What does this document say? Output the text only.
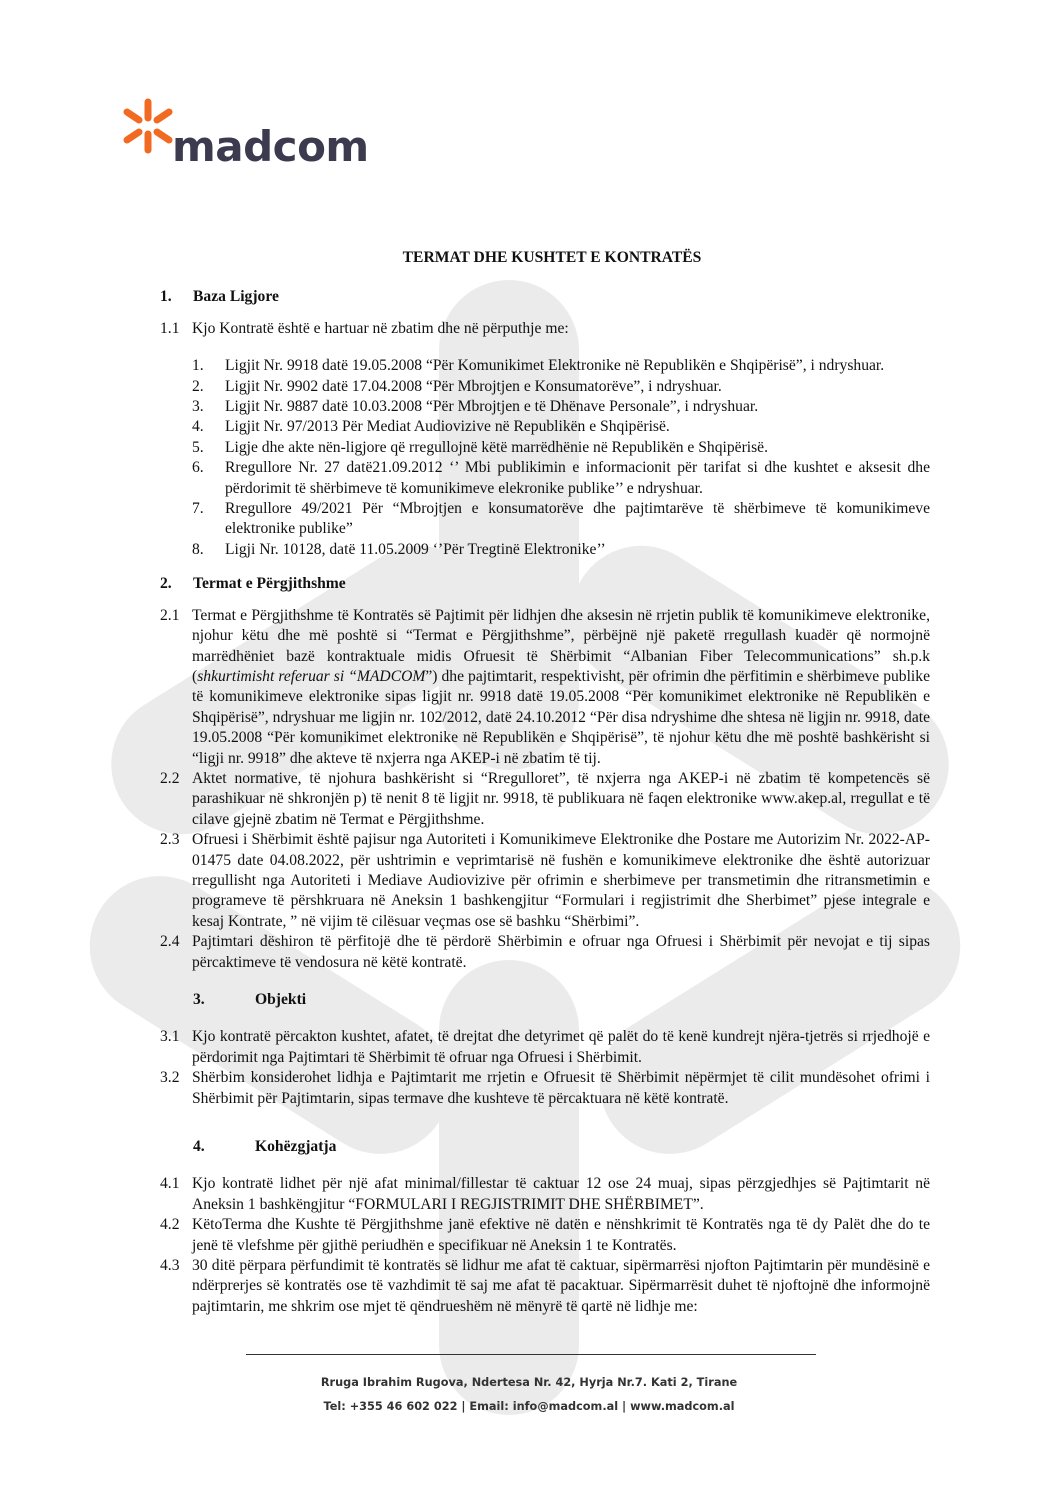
madcom
TERMAT DHE KUSHTET E KONTRATËS
1. Baza Ligjore
1.1 Kjo Kontratë është e hartuar në zbatim dhe në përputhje me:
1. Ligjit Nr. 9918 datë 19.05.2008 “Për Komunikimet Elektronike në Republikën e Shqipërisë”, i ndryshuar.
2. Ligjit Nr. 9902 datë 17.04.2008 “Për Mbrojtjen e Konsumatorëve”, i ndryshuar.
3. Ligjit Nr. 9887 datë 10.03.2008 “Për Mbrojtjen e të Dhënave Personale”, i ndryshuar.
4. Ligjit Nr. 97/2013 Për Mediat Audiovizive në Republikën e Shqipërisë.
5. Ligje dhe akte nën-ligjore që rregullojnë këtë marrëdhënie në Republikën e Shqipërisë.
6. Rregullore Nr. 27 datë21.09.2012 ‘’ Mbi publikimin e informacionit për tarifat si dhe kushtet e aksesit dhe përdorimit të shërbimeve të komunikimeve elekronike publike’’ e ndryshuar.
7. Rregullore 49/2021 Për “Mbrojtjen e konsumatorëve dhe pajtimtarëve të shërbimeve të komunikimeve elektronike publike”
8. Ligji Nr. 10128, datë 11.05.2009 ‘’Për Tregtinë Elektronike’’
2. Termat e Përgjithshme
2.1 Termat e Përgjithshme të Kontratës së Pajtimit për lidhjen dhe aksesin në rrjetin publik të komunikimeve elektronike, njohur këtu dhe më poshtë si “Termat e Përgjithshme”, përbëjnë një paketë rregullash kuadër që normojnë marrëdhëniet bazë kontraktuale midis Ofruesit të Shërbimit “Albanian Fiber Telecommunications” sh.p.k (shkurtimisht referuar si “MADCOM”) dhe pajtimtarit, respektivisht, për ofrimin dhe përfitimin e shërbimeve publike të komunikimeve elektronike sipas ligjit nr. 9918 datë 19.05.2008 “Për komunikimet elektronike në Republikën e Shqipërisë”, ndryshuar me ligjin nr. 102/2012, datë 24.10.2012 “Për disa ndryshime dhe shtesa në ligjin nr. 9918, date 19.05.2008 “Për komunikimet elektronike në Republikën e Shqipërisë”, të njohur këtu dhe më poshtë bashkërisht si “ligji nr. 9918” dhe akteve të nxjerra nga AKEP-i në zbatim të tij.
2.2 Aktet normative, të njohura bashkërisht si “Rregulloret”, të nxjerra nga AKEP-i në zbatim të kompetencës së parashikuar në shkronjën p) të nenit 8 të ligjit nr. 9918, të publikuara në faqen elektronike www.akep.al, rregullat e të cilave gjejnë zbatim në Termat e Përgjithshme.
2.3 Ofruesi i Shërbimit është pajisur nga Autoriteti i Komunikimeve Elektronike dhe Postare me Autorizim Nr. 2022-AP-01475 date 04.08.2022, për ushtrimin e veprimtarisë në fushën e komunikimeve elektronike dhe është autorizuar rregullisht nga Autoriteti i Mediave Audiovizive për ofrimin e sherbimeve per transmetimin dhe ritransmetimin e programeve të përshkruara në Aneksin 1 bashkengjitur “Formulari i regjistrimit dhe Sherbimet” pjese integrale e kesaj Kontrate, ” në vijim të cilësuar veçmas ose së bashku “Shërbimi”.
2.4 Pajtimtari dëshiron të përfitojë dhe të përdorë Shërbimin e ofruar nga Ofruesi i Shërbimit për nevojat e tij sipas përcaktimeve të vendosura në këtë kontratë.
3.	Objekti
3.1 Kjo kontratë përcakton kushtet, afatet, të drejtat dhe detyrimet që palët do të kenë kundrejt njëra-tjetrës si rrjedhojë e përdorimit nga Pajtimtari të Shërbimit të ofruar nga Ofruesi i Shërbimit.
3.2 Shërbim konsiderohet lidhja e Pajtimtarit me rrjetin e Ofruesit të Shërbimit nëpërmjet të cilit mundësohet ofrimi i Shërbimit për Pajtimtarin, sipas termave dhe kushteve të përcaktuara në këtë kontratë.
4.	Kohëzgjatja
4.1 Kjo kontratë lidhet për një afat minimal/fillestar të caktuar 12 ose 24 muaj, sipas përzgjedhjes së Pajtimtarit në Aneksin 1 bashkëngjitur “FORMULARI I REGJISTRIMIT DHE SHËRBIMET”.
4.2 KëtoTerma dhe Kushte të Përgjithshme janë efektive në datën e nënshkrimit të Kontratës nga të dy Palët dhe do te jenë të vlefshme për gjithë periudhën e specifikuar në Aneksin 1 te Kontratës.
4.3 30 ditë përpara përfundimit të kontratës së lidhur me afat të caktuar, sipërmarrësi njofton Pajtimtarin për mundësinë e ndërprerjes së kontratës ose të vazhdimit të saj me afat të pacaktuar. Sipërmarrësit duhet të njoftojnë dhe informojnë pajtimtarin, me shkrim ose mjet të qëndrueshëm në mënyrë të qartë në lidhje me:
Rruga Ibrahim Rugova, Ndertesa Nr. 42, Hyrja Nr.7. Kati 2, Tirane
Tel: +355 46 602 022 | Email: info@madcom.al | www.madcom.al
